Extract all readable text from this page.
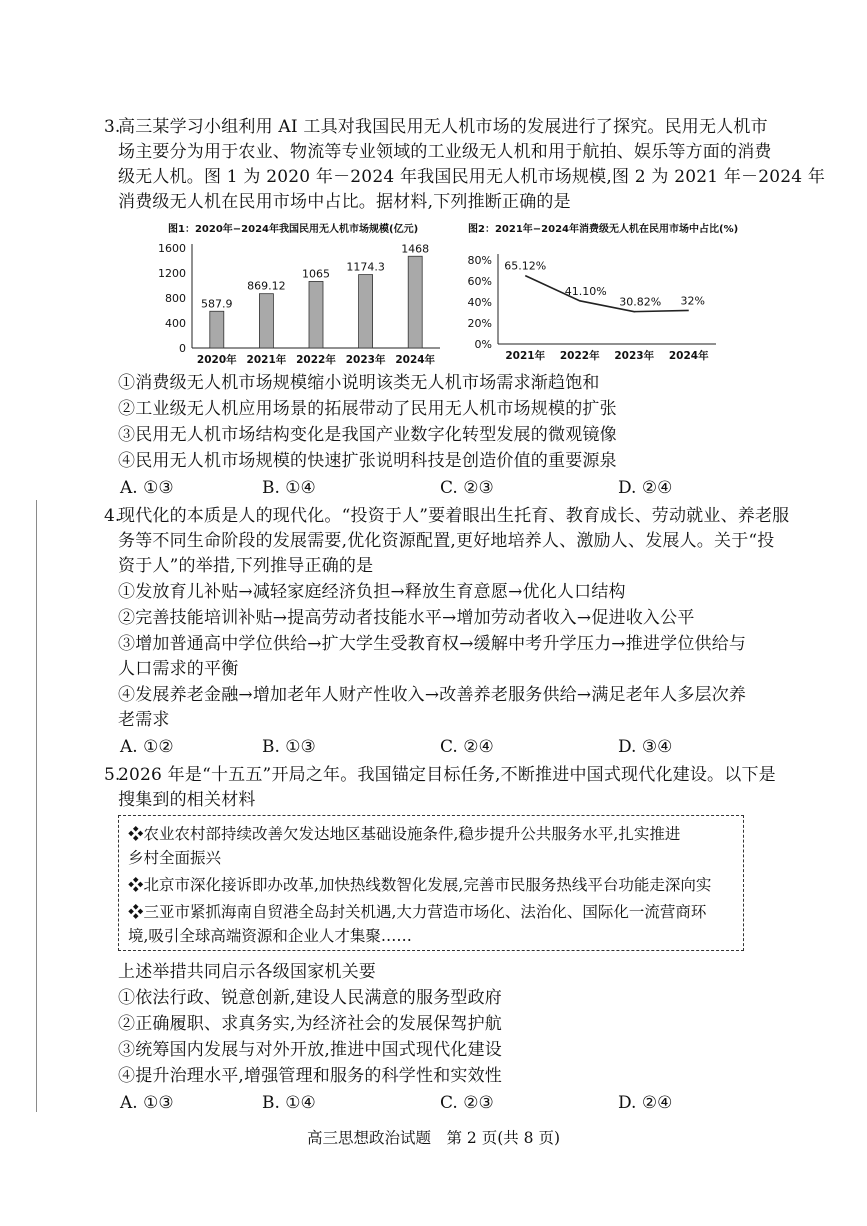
3.
高三某学习小组利用 AI 工具对我国民用无人机市场的发展进行了探究。民用无人机市
场主要分为用于农业、物流等专业领域的工业级无人机和用于航拍、娱乐等方面的消费
级无人机。图 1 为 2020 年－2024 年我国民用无人机市场规模,图 2 为 2021 年－2024 年
消费级无人机在民用市场中占比。据材料,下列推断正确的是
图1：2020年−2024年我国民用无人机市场规模(亿元)
0
400
800
1200
1600
587.9
2020年
869.12
2021年
1065
2022年
1174.3
2023年
1468
2024年
图2：2021年−2024年消费级无人机在民用市场中占比(%)
0%
20%
40%
60%
80% 65.12%
2021年
41.10%
2022年
30.82%
2023年
32%
2024年
①消费级无人机市场规模缩小说明该类无人机市场需求渐趋饱和
②工业级无人机应用场景的拓展带动了民用无人机市场规模的扩张
③民用无人机市场结构变化是我国产业数字化转型发展的微观镜像
④民用无人机市场规模的快速扩张说明科技是创造价值的重要源泉
A. ①③	B. ①④	C. ②③	D. ②④
4.
现代化的本质是人的现代化。“投资于人”要着眼出生托育、教育成长、劳动就业、养老服
务等不同生命阶段的发展需要,优化资源配置,更好地培养人、激励人、发展人。关于“投
资于人”的举措,下列推导正确的是
①发放育儿补贴→减轻家庭经济负担→释放生育意愿→优化人口结构
②完善技能培训补贴→提高劳动者技能水平→增加劳动者收入→促进收入公平
③增加普通高中学位供给→扩大学生受教育权→缓解中考升学压力→推进学位供给与
人口需求的平衡
④发展养老金融→增加老年人财产性收入→改善养老服务供给→满足老年人多层次养
老需求
A. ①②	B. ①③	C. ②④	D. ③④
5.
2026 年是“十五五”开局之年。我国锚定目标任务,不断推进中国式现代化建设。以下是
搜集到的相关材料
❖农业农村部持续改善欠发达地区基础设施条件,稳步提升公共服务水平,扎实推进
乡村全面振兴
❖北京市深化接诉即办改革,加快热线数智化发展,完善市民服务热线平台功能走深向实
❖三亚市紧抓海南自贸港全岛封关机遇,大力营造市场化、法治化、国际化一流营商环
境,吸引全球高端资源和企业人才集聚……
上述举措共同启示各级国家机关要
①依法行政、锐意创新,建设人民满意的服务型政府
②正确履职、求真务实,为经济社会的发展保驾护航
③统筹国内发展与对外开放,推进中国式现代化建设
④提升治理水平,增强管理和服务的科学性和实效性
A. ①③	B. ①④	C. ②③	D. ②④
高三思想政治试题　第 2 页(共 8 页)
